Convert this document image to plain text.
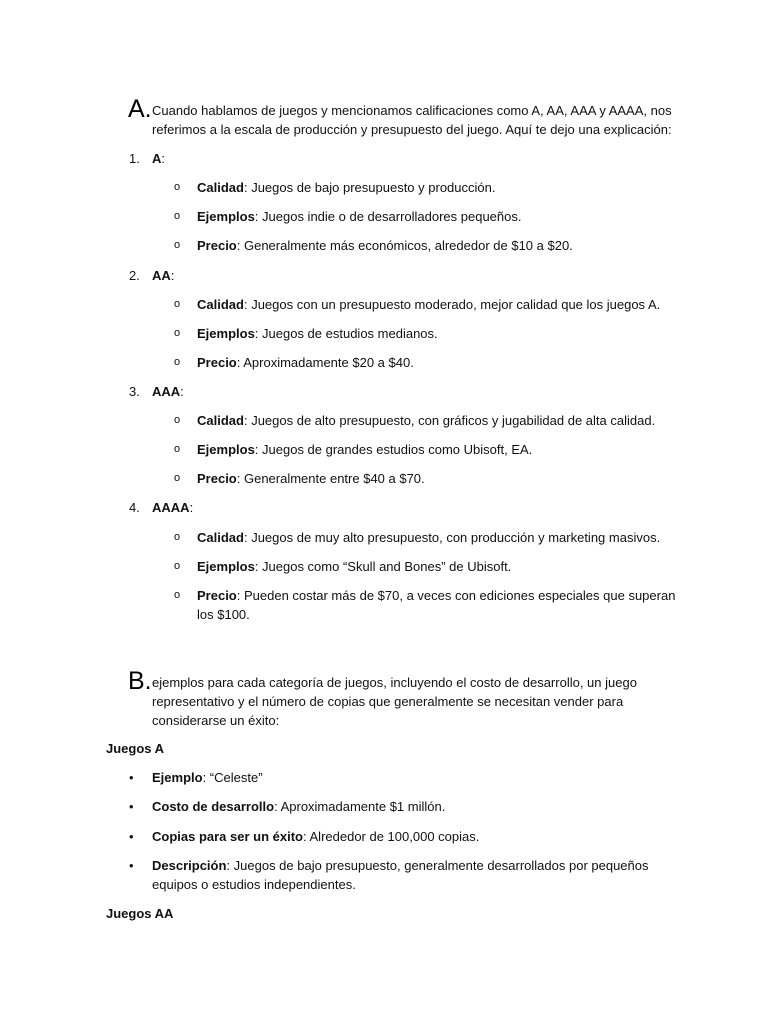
A. Cuando hablamos de juegos y mencionamos calificaciones como A, AA, AAA y AAAA, nos
referimos a la escala de producción y presupuesto del juego. Aquí te dejo una explicación:
1. A:
o Calidad: Juegos de bajo presupuesto y producción.
o Ejemplos: Juegos indie o de desarrolladores pequeños.
o Precio: Generalmente más económicos, alrededor de $10 a $20.
2. AA:
o Calidad: Juegos con un presupuesto moderado, mejor calidad que los juegos A.
o Ejemplos: Juegos de estudios medianos.
o Precio: Aproximadamente $20 a $40.
3. AAA:
o Calidad: Juegos de alto presupuesto, con gráficos y jugabilidad de alta calidad.
o Ejemplos: Juegos de grandes estudios como Ubisoft, EA.
o Precio: Generalmente entre $40 a $70.
4. AAAA:
o Calidad: Juegos de muy alto presupuesto, con producción y marketing masivos.
o Ejemplos: Juegos como “Skull and Bones” de Ubisoft.
o Precio: Pueden costar más de $70, a veces con ediciones especiales que superan
los $100.
B. ejemplos para cada categoría de juegos, incluyendo el costo de desarrollo, un juego
representativo y el número de copias que generalmente se necesitan vender para
considerarse un éxito:
Juegos A
• Ejemplo: “Celeste”
• Costo de desarrollo: Aproximadamente $1 millón.
• Copias para ser un éxito: Alrededor de 100,000 copias.
• Descripción: Juegos de bajo presupuesto, generalmente desarrollados por pequeños
equipos o estudios independientes.
Juegos AA
